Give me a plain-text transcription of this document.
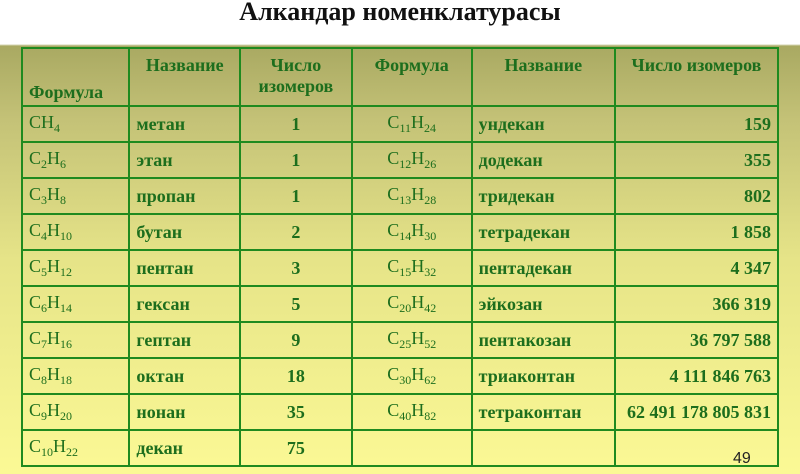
Алкандар номенклатурасы
Формула	Название	Число изомеров	Формула	Название	Число изомеров
$CH_4$	метан	1	$C_{11}H_{24}$	ундекан	159
$C_2H_6$	этан	1	$C_{12}H_{26}$	додекан	355
$C_3H_8$	пропан	1	$C_{13}H_{28}$	тридекан	802
$C_4H_{10}$	бутан	2	$C_{14}H_{30}$	тетрадекан	1 858
$C_5H_{12}$	пентан	3	$C_{15}H_{32}$	пентадекан	4 347
$C_6H_{14}$	гексан	5	$C_{20}H_{42}$	эйкозан	366 319
$C_7H_{16}$	гептан	9	$C_{25}H_{52}$	пентакозан	36 797 588
$C_8H_{18}$	октан	18	$C_{30}H_{62}$	триаконтан	4 111 846 763
$C_9H_{20}$	нонан	35	$C_{40}H_{82}$	тетраконтан	62 491 178 805 831
$C_{10}H_{22}$	декан	75			
49
